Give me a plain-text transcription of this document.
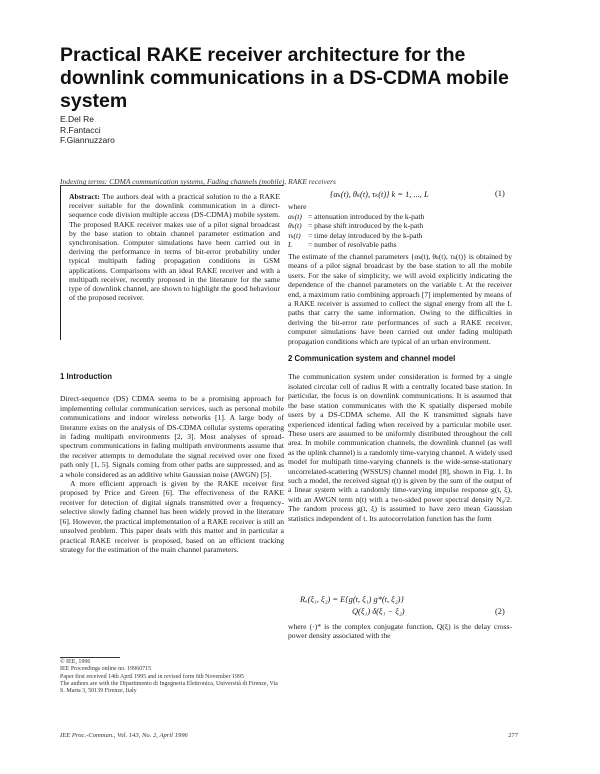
Practical RAKE receiver architecture for the downlink communications in a DS-CDMA mobile system
E.Del Re
R.Fantacci
F.Giannuzzaro
Indexing terms: CDMA communication systems, Fading channels (mobile), RAKE receivers
Abstract: The authors deal with a practical solution to the a RAKE receiver suitable for the downlink communication in a direct-sequence code division multiple access (DS-CDMA) mobile system. The proposed RAKE receiver makes use of a pilot signal broadcast by the base station to obtain channel parameter estimation and synchronisation. Computer simulations have been carried out in deriving the performance in terms of bit-error probability under typical multipath fading propagation conditions in GSM applications. Comparisons with an ideal RAKE receiver and with a multipath receiver, recently proposed in the literature for the same type of downlink channel, are shown to highlight the good behaviour of the proposed receiver.

1 Introduction

Direct-sequence (DS) CDMA seems to be a promising approach for implementing cellular communication services, such as personal mobile communications and indoor wireless networks [1]. A large body of literature exists on the analysis of DS-CDMA cellular systems operating in fading multipath environments [2, 3]. Most analyses of spread-spectrum communications in fading multipath environments assume that the receiver attempts to demodulate the signal received over one fixed path only [1, 5]. Signals coming from other paths are suppressed, and as a whole considered as an additive white Gaussian noise (AWGN) [5].

A more efficient approach is given by the RAKE receiver first proposed by Price and Green [6]. The effectiveness of the RAKE receiver for detection of digital signals transmitted over a frequency-selective slowly fading channel has been widely proved in the literature [6]. However, the practical implementation of a RAKE receiver is still an unsolved problem. This paper deals with this matter and in particular a practical RAKE receiver is proposed, based on an efficient tracking strategy for the estimation of the main channel parameters.

© IEE, 1996
IEE Proceedings online no. 19960715
Paper first received 14th April 1995 and in revised form 6th November 1995
The authors are with the Dipartimento di Ingegneria Elettronica, Università di Firenze, Via S. Marta 3, 50139 Firenze, Italy
{αₖ(t), θₖ(t), τₖ(t)} k = 1, ..., L	(1)
where
αₖ(t) = attenuation introduced by the k-path
θₖ(t) = phase shift introduced by the k-path
τₖ(t) = time delay introduced by the k-path
L	= number of resolvable paths

The estimate of the channel parameters {αₖ(t), θₖ(t), τₖ(t)} is obtained by means of a pilot signal broadcast by the base station to all the mobile users. For the sake of simplicity, we will avoid explicitly indicating the dependence of the channel parameters on the variable t. At the receiver end, a maximum ratio combining approach [7] implemented by means of a RAKE receiver is assumed to collect the signal energy from all the L paths that carry the same information. Owing to the difficulties in deriving the bit-error rate performances of such a RAKE receiver, computer simulations have been carried out under fading multipath propagation conditions which are typical of an urban environment.

2 Communication system and channel model

The communication system under consideration is formed by a single isolated circular cell of radius R with a centrally located base station. In particular, the focus is on downlink communications. It is assumed that the base station communicates with the K spatially dispersed mobile users by a DS-CDMA scheme. All the K transmitted signals have experienced identical fading when received by a particular mobile user. These users are assumed to be uniformly distributed throughout the cell area. In mobile communication channels, the downlink channel (as well as the uplink channel) is a randomly time-varying channel. A widely used model for multipath time-varying channels is the wide-sense-stationary uncorrelated-scattering (WSSUS) channel model [8], shown in Fig. 1. In such a model, the received signal r(t) is given by the sum of the output of a linear system with a randomly time-varying impulse response g(t, ξ), with an AWGN term n(t) with a two-sided power spectral density N₀/2. The random process g(t, ξ) is assumed to have zero mean Gaussian statistics independent of t. Its autocorrelation function has the form

Rₐ(ξ₁, ξ₂) = E{g(t, ξ₁) g*(t, ξ₂)}
Q(ξ₁) δ(ξ₁ − ξ₂)	(2)
where (·)* is the complex conjugate function, Q(ξ) is the delay cross-power density associated with the
IEE Proc.-Commun., Vol. 143, No. 2, April 1996	277
